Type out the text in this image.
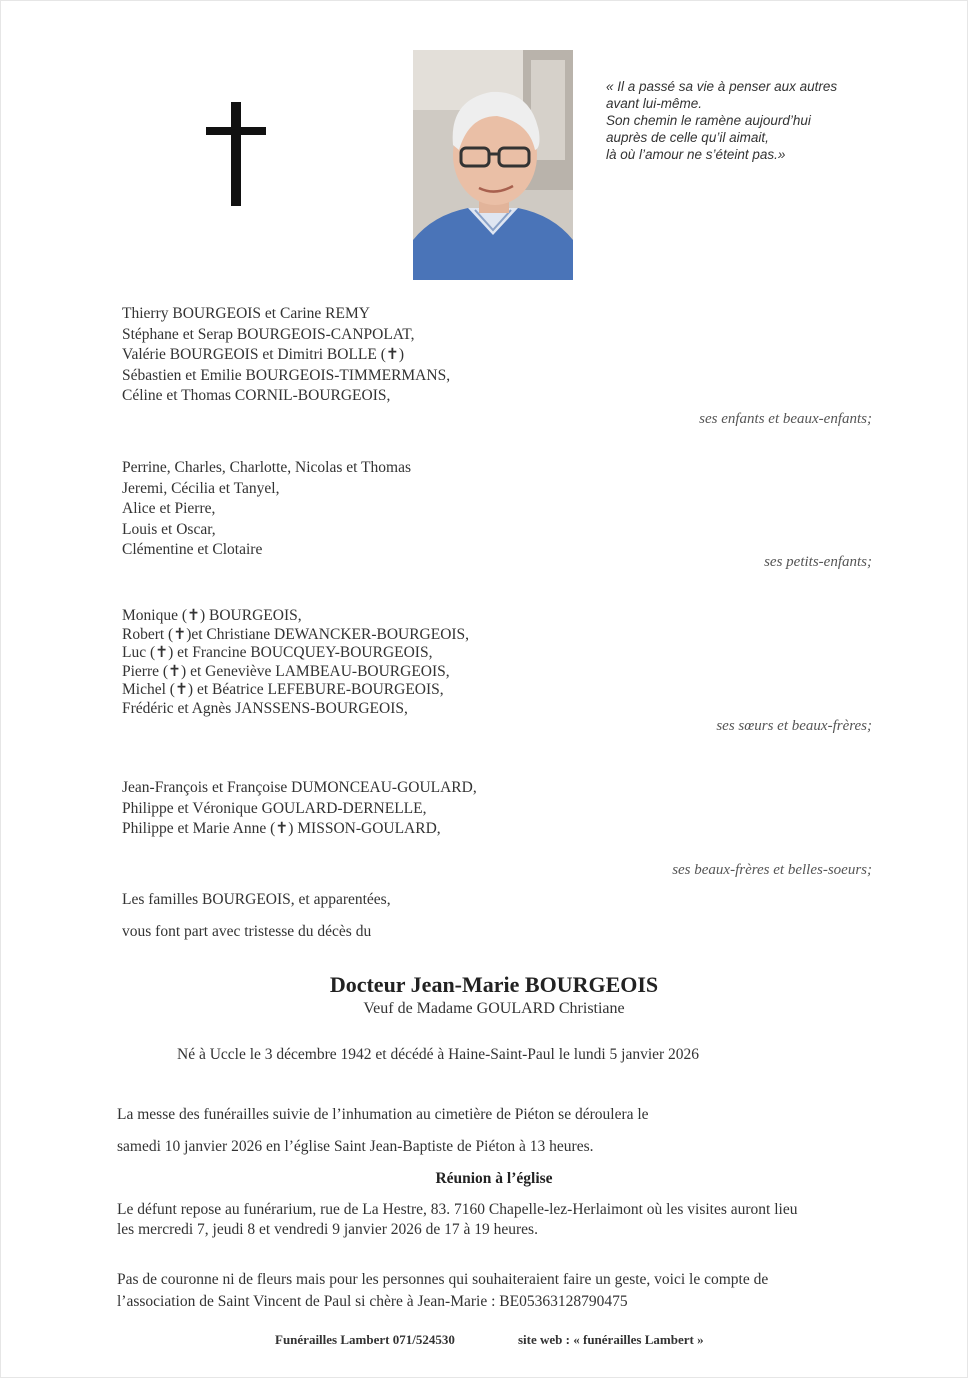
« Il a passé sa vie à penser aux autres
avant lui-même.
Son chemin le ramène aujourd’hui
auprès de celle qu’il aimait,
là où l’amour ne s’éteint pas.»
Thierry BOURGEOIS et Carine REMY
Stéphane et Serap BOURGEOIS-CANPOLAT,
Valérie BOURGEOIS et Dimitri BOLLE (✝)
Sébastien et Emilie BOURGEOIS-TIMMERMANS,
Céline et Thomas CORNIL-BOURGEOIS,
ses enfants et beaux-enfants;
Perrine, Charles, Charlotte, Nicolas et Thomas
Jeremi, Cécilia et Tanyel,
Alice et Pierre,
Louis et Oscar,
Clémentine et Clotaire
ses petits-enfants;
Monique (✝) BOURGEOIS,
Robert (✝)et Christiane DEWANCKER-BOURGEOIS,
Luc (✝) et Francine BOUCQUEY-BOURGEOIS,
Pierre (✝) et Geneviève LAMBEAU-BOURGEOIS,
Michel (✝) et Béatrice LEFEBURE-BOURGEOIS,
Frédéric et Agnès JANSSENS-BOURGEOIS,
ses sœurs et beaux-frères;
Jean-François et Françoise DUMONCEAU-GOULARD,
Philippe et Véronique GOULARD-DERNELLE,
Philippe et Marie Anne (✝) MISSON-GOULARD,
ses beaux-frères et belles-soeurs;
Les familles BOURGEOIS, et apparentées,
vous font part avec tristesse du décès du
Docteur Jean-Marie BOURGEOIS
Veuf de Madame GOULARD Christiane
Né à Uccle le 3 décembre 1942 et décédé à Haine-Saint-Paul le lundi 5 janvier 2026
La messe des funérailles suivie de l’inhumation au cimetière de Piéton se déroulera le
samedi 10 janvier 2026 en l’église Saint Jean-Baptiste de Piéton à 13 heures.
Réunion à l’église
Le défunt repose au funérarium, rue de La Hestre, 83. 7160 Chapelle-lez-Herlaimont où les visites auront lieu
les mercredi 7, jeudi 8 et vendredi 9 janvier 2026 de 17 à 19 heures.
Pas de couronne ni de fleurs mais pour les personnes qui souhaiteraient faire un geste, voici le compte de
l’association de Saint Vincent de Paul si chère à Jean-Marie : BE05363128790475
Funérailles Lambert 071/524530	site web : « funérailles Lambert »
